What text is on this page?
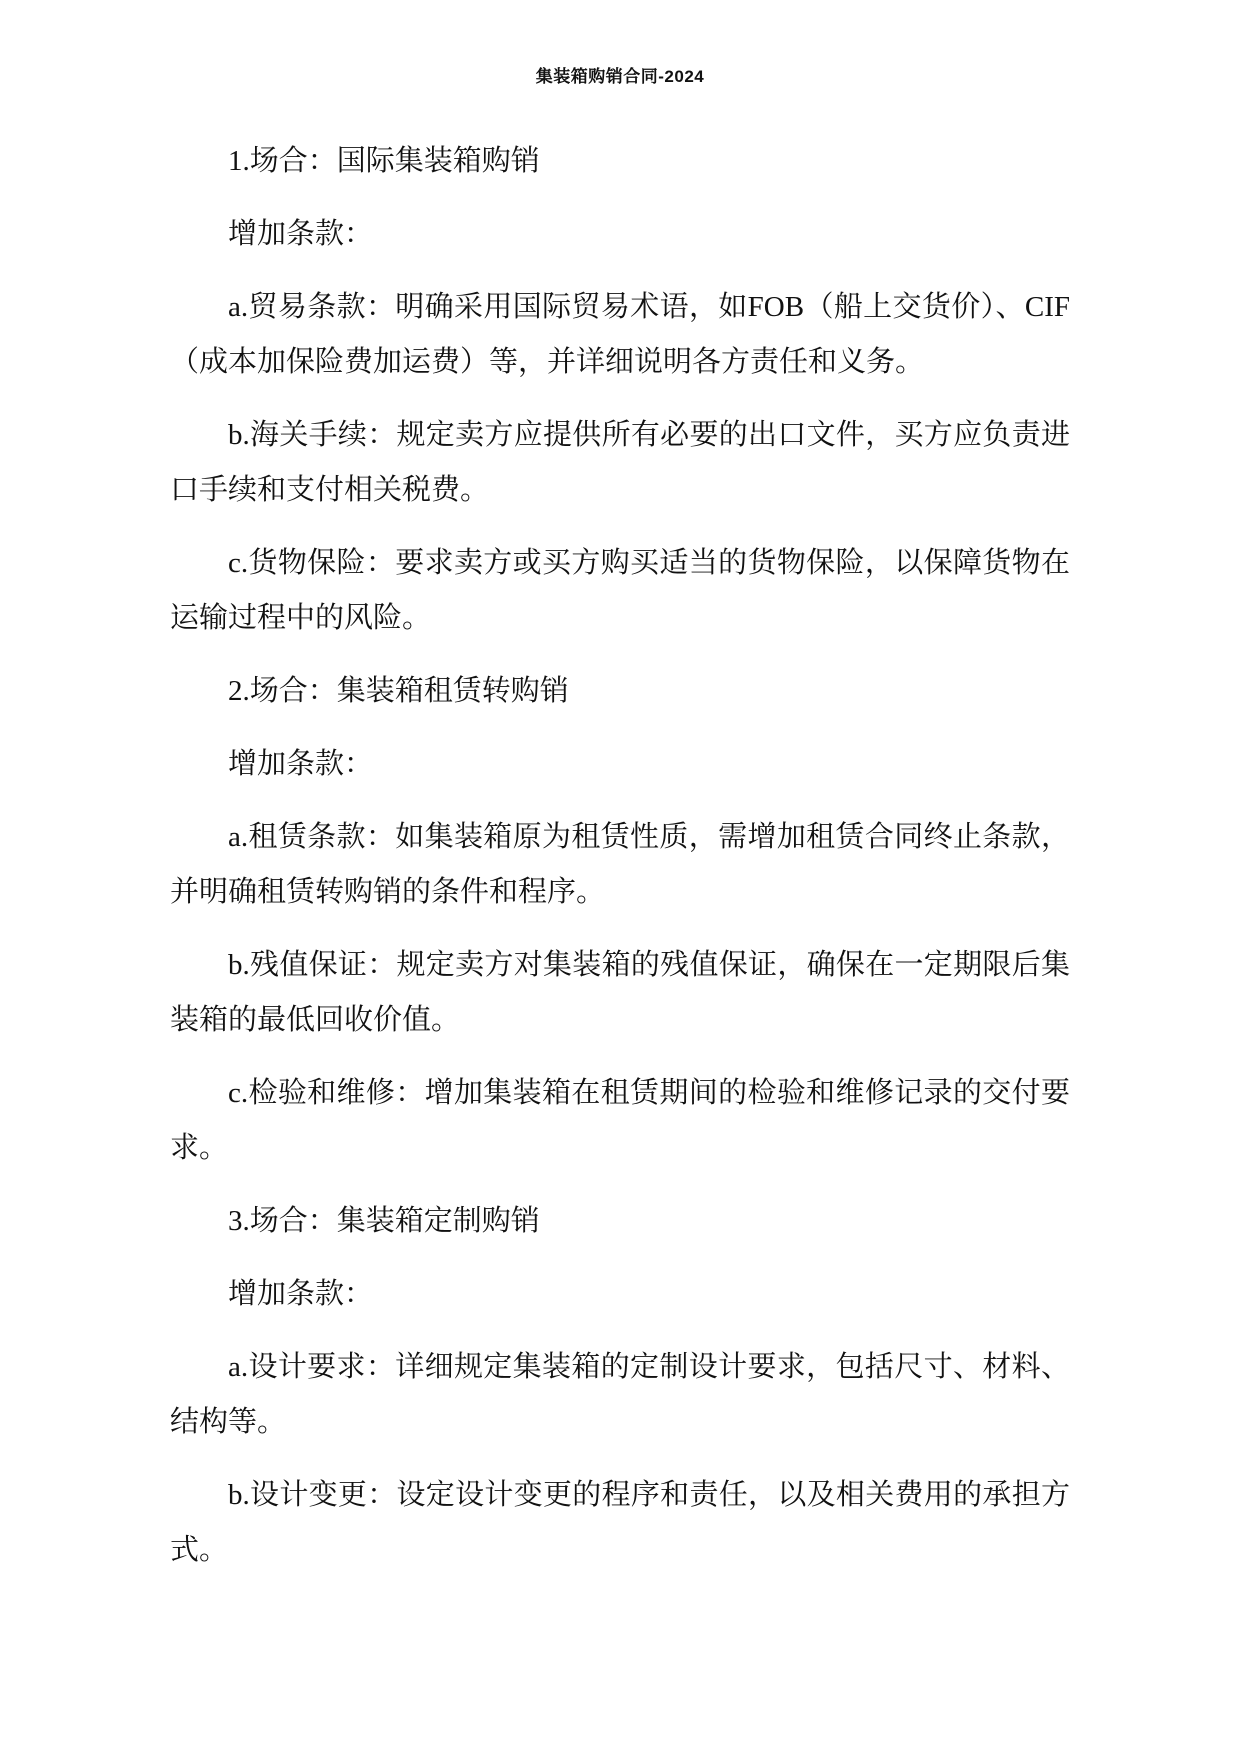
集装箱购销合同-2024

1.场合：国际集装箱购销

增加条款：

a.贸易条款：明确采用国际贸易术语，如FOB（船上交货价）、CIF（成本加保险费加运费）等，并详细说明各方责任和义务。

b.海关手续：规定卖方应提供所有必要的出口文件，买方应负责进口手续和支付相关税费。

c.货物保险：要求卖方或买方购买适当的货物保险，以保障货物在运输过程中的风险。

2.场合：集装箱租赁转购销

增加条款：

a.租赁条款：如集装箱原为租赁性质，需增加租赁合同终止条款，并明确租赁转购销的条件和程序。

b.残值保证：规定卖方对集装箱的残值保证，确保在一定期限后集装箱的最低回收价值。

c.检验和维修：增加集装箱在租赁期间的检验和维修记录的交付要求。

3.场合：集装箱定制购销

增加条款：

a.设计要求：详细规定集装箱的定制设计要求，包括尺寸、材料、结构等。

b.设计变更：设定设计变更的程序和责任，以及相关费用的承担方式。
